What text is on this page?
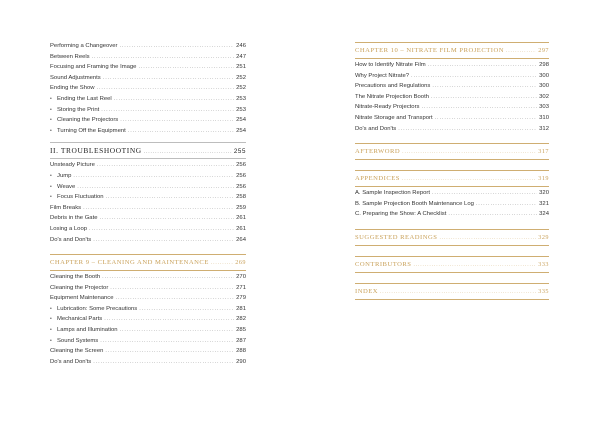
Performing a Changeover .....	246
Between Reels .....	247
Focusing and Framing the Image .....	251
Sound Adjustments .....	252
Ending the Show .....	252
• Ending the Last Reel .....	253
• Storing the Print .....	253
• Cleaning the Projectors .....	254
• Turning Off the Equipment .....	254
II. TROUBLESHOOTING .....	255
Unsteady Picture .....	256
• Jump .....	256
• Weave .....	256
• Focus Fluctuation .....	258
Film Breaks .....	259
Debris in the Gate .....	261
Losing a Loop .....	261
Do's and Don'ts .....	264
CHAPTER 9 – CLEANING AND MAINTENANCE .....	269
Cleaning the Booth .....	270
Cleaning the Projector .....	271
Equipment Maintenance .....	279
• Lubrication: Some Precautions .....	281
• Mechanical Parts .....	282
• Lamps and Illumination .....	285
• Sound Systems .....	287
Cleaning the Screen .....	288
Do's and Don'ts .....	290
CHAPTER 10 – NITRATE FILM PROJECTION .....	297
How to Identify Nitrate Film .....	298
Why Project Nitrate? .....	300
Precautions and Regulations .....	300
The Nitrate Projection Booth .....	302
Nitrate-Ready Projectors .....	303
Nitrate Storage and Transport .....	310
Do's and Don'ts .....	312
AFTERWORD .....	317
APPENDICES .....	319
A. Sample Inspection Report .....	320
B. Sample Projection Booth Maintenance Log .....	321
C. Preparing the Show: A Checklist .....	324
SUGGESTED READINGS .....	329
CONTRIBUTORS .....	333
INDEX .....	335
